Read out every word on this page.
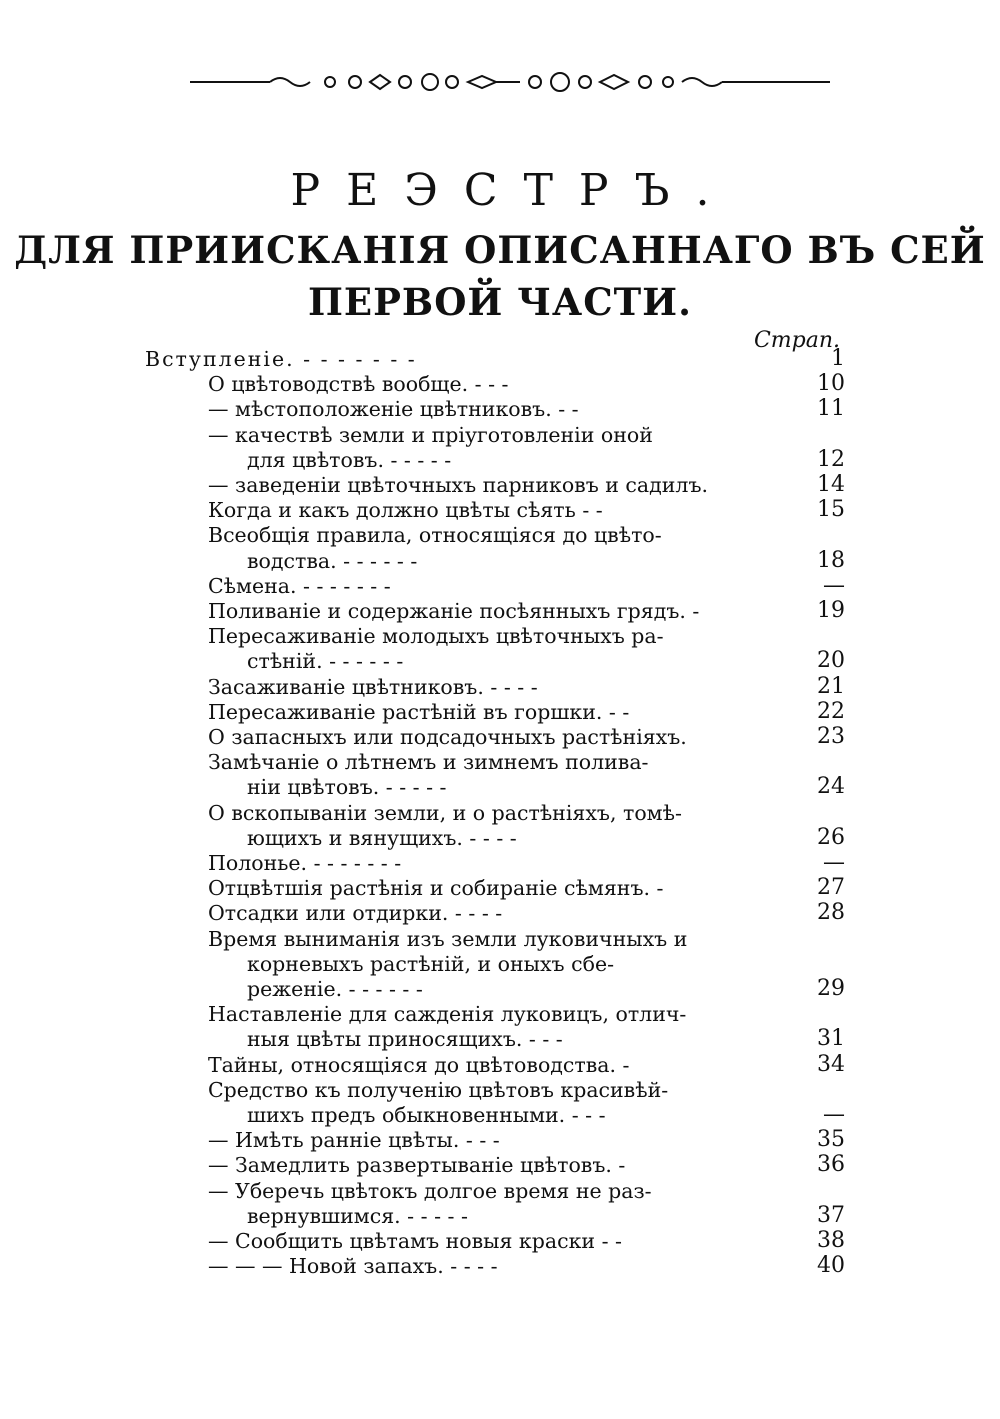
РЕЭСТРЪ.
ДЛЯ ПРИИСКАНІЯ ОПИСАННАГО ВЪ СЕЙ
ПЕРВОЙ ЧАСТИ.
Страп.
Вступленіе. - - - - - - -	1
О цвѣтоводствѣ вообще. - - -	10
— мѣстоположеніе цвѣтниковъ. - -	11
— качествѣ земли и пріуготовленіи оной
для цвѣтовъ. - - - - -	12
— заведеніи цвѣточныхъ парниковъ и садилъ.	14
Когда и какъ должно цвѣты сѣять - -	15
Всеобщія правила, относящіяся до цвѣто-
водства. - - - - - -	18
Сѣмена. - - - - - - -	—
Поливаніе и содержаніе посѣянныхъ грядъ. -	19
Пересаживаніе молодыхъ цвѣточныхъ ра-
стѣній. - - - - - -	20
Засаживаніе цвѣтниковъ. - - - -	21
Пересаживаніе растѣній въ горшки. - -	22
О запасныхъ или подсадочныхъ растѣніяхъ.	23
Замѣчаніе о лѣтнемъ и зимнемъ полива-
ніи цвѣтовъ. - - - - -	24
О вскопываніи земли, и о растѣніяхъ, томѣ-
ющихъ и вянущихъ. - - - -	26
Полонье. - - - - - - -	—
Отцвѣтшія растѣнія и собираніе сѣмянъ. -	27
Отсадки или отдирки. - - - -	28
Время выниманія изъ земли луковичныхъ и
корневыхъ растѣній, и оныхъ сбе-
реженіе. - - - - - -	29
Наставленіе для сажденія луковицъ, отлич-
ныя цвѣты приносящихъ. - - -	31
Тайны, относящіяся до цвѣтоводства. -	34
Средство къ полученію цвѣтовъ красивѣй-
шихъ предъ обыкновенными. - - -	—
— Имѣть ранніе цвѣты. - - -	35
— Замедлить развертываніе цвѣтовъ. -	36
— Уберечь цвѣтокъ долгое время не раз-
вернувшимся. - - - - -	37
— Сообщить цвѣтамъ новыя краски - -	38
— — — Новой запахъ. - - - -	40
